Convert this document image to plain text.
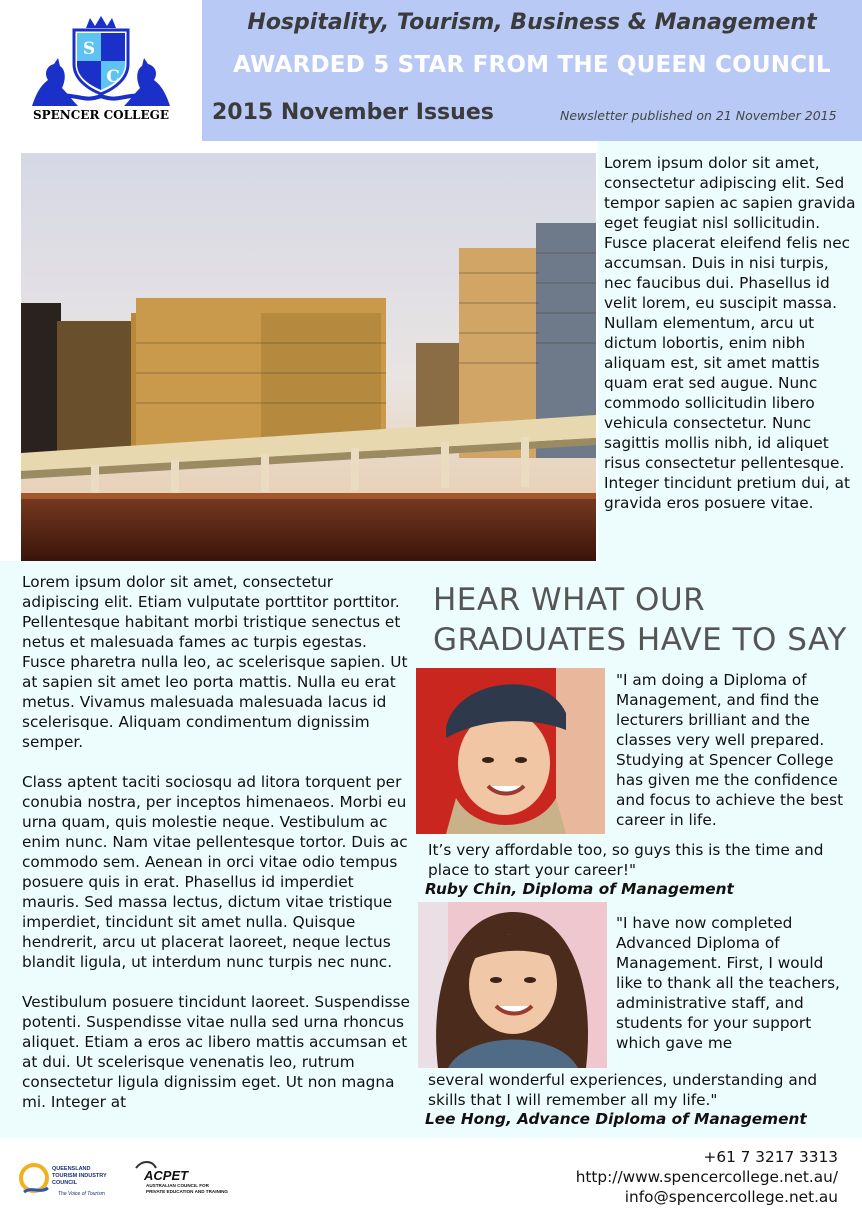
S
C
SPENCER COLLEGE
Hospitality, Tourism, Business & Management
AWARDED 5 STAR FROM THE QUEEN COUNCIL
2015 November Issues	Newsletter published on 21 November 2015
Lorem ipsum dolor sit amet, consectetur adipiscing elit. Sed tempor sapien ac sapien gravida eget feugiat nisl sollicitudin. Fusce placerat eleifend felis nec accumsan. Duis in nisi turpis, nec faucibus dui. Phasellus id velit lorem, eu suscipit massa. Nullam elementum, arcu ut dictum lobortis, enim nibh aliquam est, sit amet mattis quam erat sed augue. Nunc commodo sollicitudin libero vehicula consectetur. Nunc sagittis mollis nibh, id aliquet risus consectetur pellentesque. Integer tincidunt pretium dui, at gravida eros posuere vitae.

Lorem ipsum dolor sit amet, consectetur adipiscing elit. Etiam vulputate porttitor porttitor. Pellentesque habitant morbi tristique senectus et netus et malesuada fames ac turpis egestas. Fusce pharetra nulla leo, ac scelerisque sapien. Ut at sapien sit amet leo porta mattis. Nulla eu erat metus. Vivamus malesuada malesuada lacus id scelerisque. Aliquam condimentum dignissim semper.

Class aptent taciti sociosqu ad litora torquent per conubia nostra, per inceptos himenaeos. Morbi eu urna quam, quis molestie neque. Vestibulum ac enim nunc. Nam vitae pellentesque tortor. Duis ac commodo sem. Aenean in orci vitae odio tempus posuere quis in erat. Phasellus id imperdiet mauris. Sed massa lectus, dictum vitae tristique imperdiet, tincidunt sit amet nulla. Quisque hendrerit, arcu ut placerat laoreet, neque lectus blandit ligula, ut interdum nunc turpis nec nunc.

Vestibulum posuere tincidunt laoreet. Suspendisse potenti. Suspendisse vitae nulla sed urna rhoncus aliquet. Etiam a eros ac libero mattis accumsan et at dui. Ut scelerisque venenatis leo, rutrum consectetur ligula dignissim eget. Ut non magna mi. Integer at

HEAR WHAT OUR
GRADUATES HAVE TO SAY
"I am doing a Diploma of Management, and find the lecturers brilliant and the classes very well prepared. Studying at Spencer College has given me the confidence and focus to achieve the best career in life.
It’s very affordable too, so guys this is the time and place to start your career!"
Ruby Chin, Diploma of Management
"I have now completed Advanced Diploma of Management. First, I would like to thank all the teachers, administrative staff, and students for your support which gave me
several wonderful experiences, understanding and skills that I will remember all my life."
Lee Hong, Advance Diploma of Management
QUEENSLAND
TOURISM INDUSTRY
COUNCIL
The Voice of Tourism
ACPET
AUSTRALIAN COUNCIL FOR
PRIVATE EDUCATION AND TRAINING
+61 7 3217 3313
http://www.spencercollege.net.au/
info@spencercollege.net.au
